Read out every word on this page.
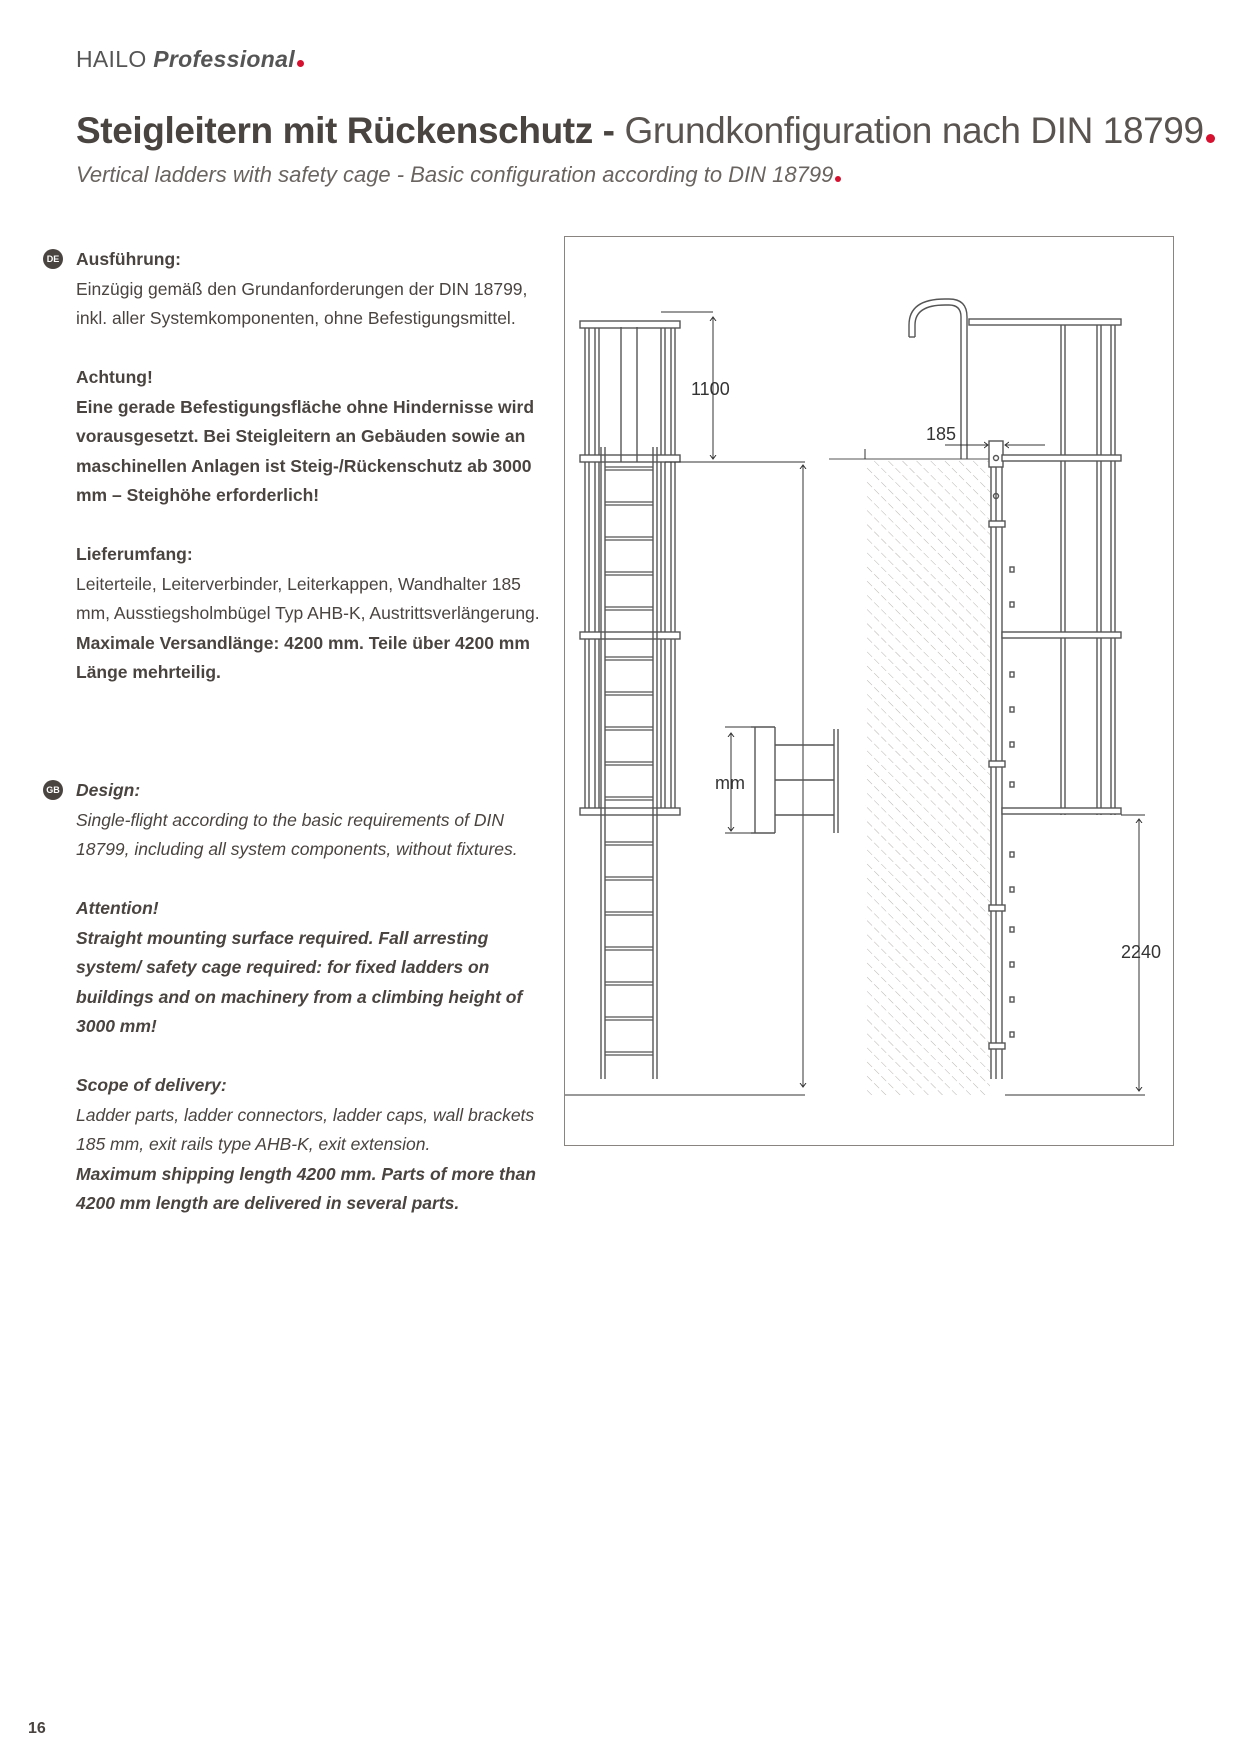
HAILO Professional
Steigleitern mit Rückenschutz - Grundkonfiguration nach DIN 18799
Vertical ladders with safety cage - Basic configuration according to DIN 18799
DE Ausführung:

Einzügig gemäß den Grundanforderungen der DIN 18799, inkl. aller Systemkomponenten, ohne Befestigungsmittel.

Achtung!

Eine gerade Befestigungsfläche ohne Hindernisse wird vorausgesetzt. Bei Steigleitern an Gebäuden sowie an maschinellen Anlagen ist Steig-/Rückenschutz ab 3000 mm – Steighöhe erforderlich!

Lieferumfang:

Leiterteile, Leiterverbinder, Leiterkappen, Wandhalter 185 mm, Ausstiegsholmbügel Typ AHB-K, Austrittsverlängerung.

Maximale Versandlänge: 4200 mm. Teile über 4200 mm Länge mehrteilig.

GB Design:

Single-flight according to the basic requirements of DIN 18799, including all system components, without fixtures.

Attention!

Straight mounting surface required. Fall arresting system/ safety cage required: for fixed ladders on buildings and on machinery from a climbing height of 3000 mm!

Scope of delivery:

Ladder parts, ladder connectors, ladder caps, wall brackets 185 mm, exit rails type AHB-K, exit extension.

Maximum shipping length 4200 mm. Parts of more than 4200 mm length are delivered in several parts.

1100
mm
185
2240
16
